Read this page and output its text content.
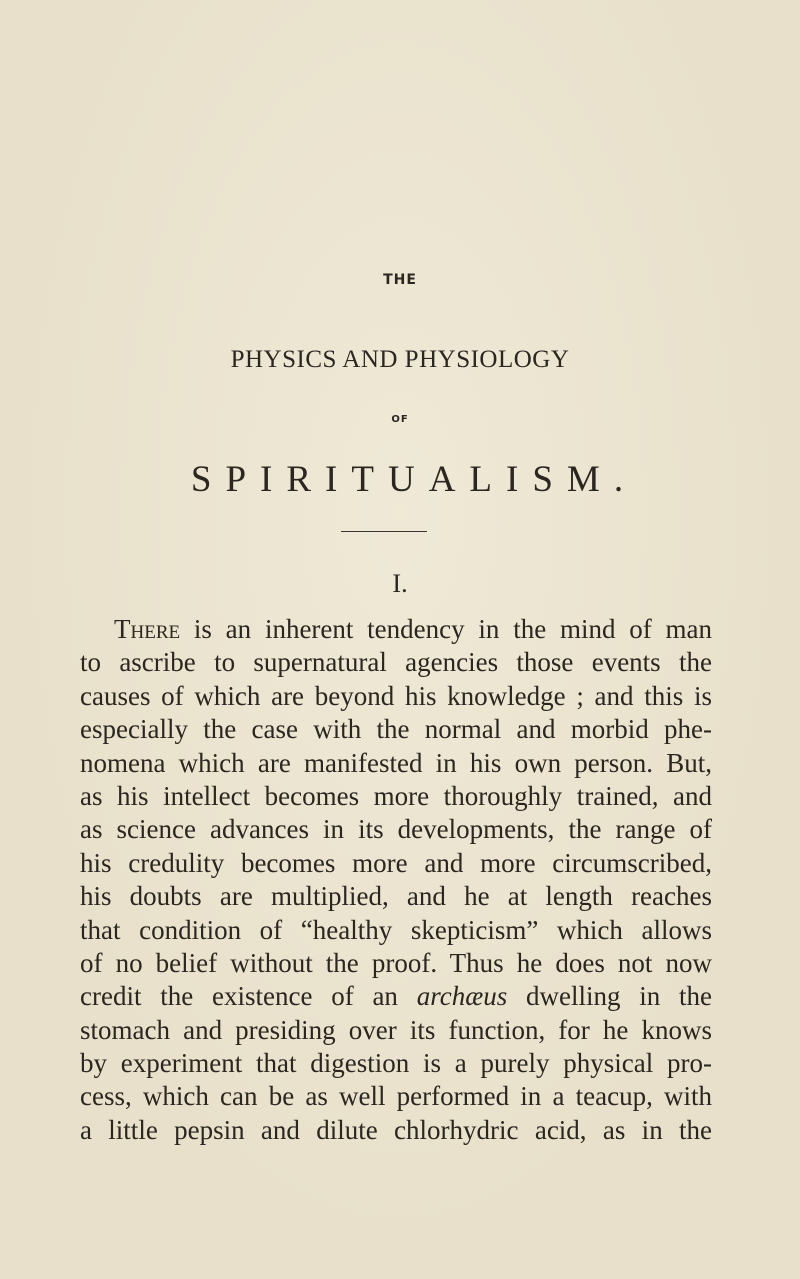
THE
PHYSICS AND PHYSIOLOGY
OF
SPIRITUALISM.
I.
There is an inherent tendency in the mind of man
to ascribe to supernatural agencies those events the
causes of which are beyond his knowledge ; and this is
especially the case with the normal and morbid phe-
nomena which are manifested in his own person. But,
as his intellect becomes more thoroughly trained, and
as science advances in its developments, the range of
his credulity becomes more and more circumscribed,
his doubts are multiplied, and he at length reaches
that condition of “healthy skepticism” which allows
of no belief without the proof. Thus he does not now
credit the existence of an archæus dwelling in the
stomach and presiding over its function, for he knows
by experiment that digestion is a purely physical pro-
cess, which can be as well performed in a teacup, with
a little pepsin and dilute chlorhydric acid, as in the
